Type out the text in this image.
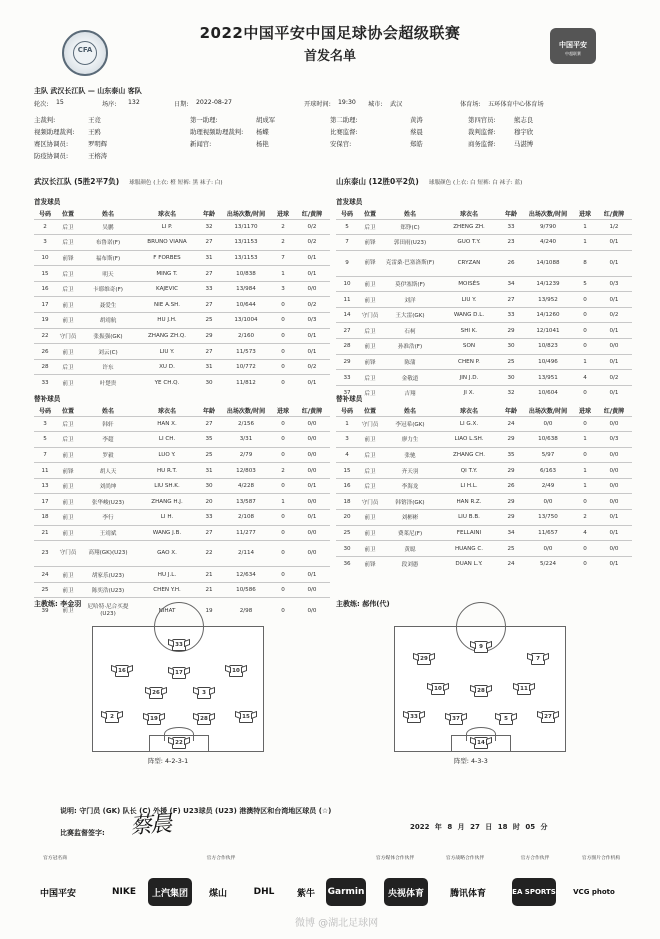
CFA
中国平安
中超联赛
2022中国平安中国足球协会超级联赛
首发名单
主队 武汉长江队 — 山东泰山 客队
轮次: 15	场序: 132	日期: 2022-08-27	开球时间: 19:30 城市: 武汉	体育场: 五环体育中心体育场
主裁判:	王竞	第一助理:	胡成军	第二助理:	黄涛	第四官员:	熊志良
视频助理裁判: 王鸥	助理视频助理裁判: 杨蝶	比赛监督:	蔡晨	裁判监督:	穆宇欣
赛区协调员:	罗明辉	新闻官:	杨艳	安保官:	郑皓	商务监督:	马湛博
防疫协调员:	王榕涛
武汉长江队 (5胜2平7负) 球服颜色 (上衣: 橙 短裤: 黑 袜子: 白)	山东泰山 (12胜0平2负) 球服颜色 (上衣: 白 短裤: 白 袜子: 蓝)
首发球员	首发球员
号码	位置	姓名	球衣名	年龄	出场次数/时间	进球	红/黄牌
2	后卫	吴鹏	LI P.	32	13/1170	2	0/2
3	后卫	布鲁诺(F)	BRUNO VIANA	27	13/1153	2	0/2
10	前锋	福布斯(F)	F FORBES	31	13/1153	7	0/1
15	后卫	明天	MING T.	27	10/838	1	0/1
16	后卫	卡耶维奇(F)	KAJEVIC	33	13/984	3	0/0
17	前卫	聂爱生	NIE A.SH.	27	10/644	0	0/2
19	前卫	胡靖航	HU J.H.	25	13/1004	0	0/3
22	守门员	张振强(GK)	ZHANG ZH.Q.	29	2/160	0	0/1
26	前卫	刘云(C)	LIU Y.	27	11/573	0	0/1
28	后卫	许东	XU D.	31	10/772	0	0/2
33	前卫	叶楚贵	YE CH.Q.	30	11/812	0	0/1
号码	位置	姓名	球衣名	年龄	出场次数/时间	进球	红/黄牌
5	后卫	郑铮(C)	ZHENG ZH.	33	9/790	1	1/2
7	前锋	郭田雨(U23)	GUO T.Y.	23	4/240	1	0/1
9	前锋	克雷桑·巴塞洛斯(F)	CRYZAN	26	14/1088	8	0/1
10	前卫	莫伊塞斯(F)	MOISÉS	34	14/1239	5	0/3
11	前卫	刘洋	LIU Y.	27	13/952	0	0/1
14	守门员	王大雷(GK)	WANG D.L.	33	14/1260	0	0/2
27	后卫	石柯	SHI K.	29	12/1041	0	0/1
28	前卫	孙准浩(F)	SON	30	10/823	0	0/0
29	前锋	陈蒲	CHEN P.	25	10/496	1	0/1
33	后卫	金敬道	JIN J.D.	30	13/951	4	0/2
37	后卫	吉翔	JI X.	32	10/604	0	0/1
替补球员	替补球员
号码	位置	姓名	球衣名	年龄	出场次数/时间	进球	红/黄牌
3	后卫	韩轩	HAN X.	27	2/156	0	0/0
5	后卫	李超	LI CH.	35	3/31	0	0/0
7	前卫	罗毅	LUO Y.	25	2/79	0	0/0
11	前锋	胡人天	HU R.T.	31	12/803	2	0/0
13	前卫	刘尚坤	LIU SH.K.	30	4/228	0	0/1
17	前卫	张华峻(U23)	ZHANG H.J.	20	13/587	1	0/0
18	前卫	李行	LI H.	33	2/108	0	0/1
21	前卫	王靖斌	WANG J.B.	27	11/277	0	0/0
23	守门员	高翔(GK)(U23)	GAO X.	22	2/114	0	0/0
24	前卫	胡家乐(U23)	HU J.L.	21	12/634	0	0/1
25	前卫	陈奕浩(U23)	CHEN Y.H.	21	10/586	0	0/0
39	前卫	尼哈特·尼合买提(U23)	NIHAT	19	2/98	0	0/0
号码	位置	姓名	球衣名	年龄	出场次数/时间	进球	红/黄牌
1	守门员	李冠希(GK)	LI G.X.	24	0/0	0	0/0
3	前卫	廖力生	LIAO L.SH.	29	10/638	1	0/3
4	后卫	张驰	ZHANG CH.	35	5/97	0	0/0
15	后卫	齐天羽	QI T.Y.	29	6/163	1	0/0
16	后卫	李海龙	LI H.L.	26	2/49	1	0/0
18	守门员	韩镕泽(GK)	HAN R.Z.	29	0/0	0	0/0
20	前卫	刘彬彬	LIU B.B.	29	13/750	2	0/1
25	前卫	费莱尼(F)	FELLAINI	34	11/657	4	0/1
30	前卫	黄聪	HUANG C.	25	0/0	0	0/0
36	前锋	段刘愚	DUAN L.Y.	24	5/224	0	0/1
主教练: 李金羽	主教练: 郝伟(代)
33
16	17	10
26	3
2	19	28	15
22
阵型: 4-2-3-1
9
29	7
10	28	11
33	37	5	27
14
阵型: 4-3-3
说明: 守门员 (GK) 队长 (C) 外援 (F) U23球员 (U23) 港澳特区和台湾地区球员 (☆)
比赛监督签字: 蔡晨	2022 年 8 月 27 日 18 时 05 分
官方冠名商	官方合作伙伴	官方媒体合作伙伴	官方战略合作伙伴	官方合作伙伴	官方图片合作机构
中国平安	NIKE	上汽集团	煤山	DHL	紫牛	Garmin	央视体育	腾讯体育	EA SPORTS	VCG photo
微博 @湖北足球网
